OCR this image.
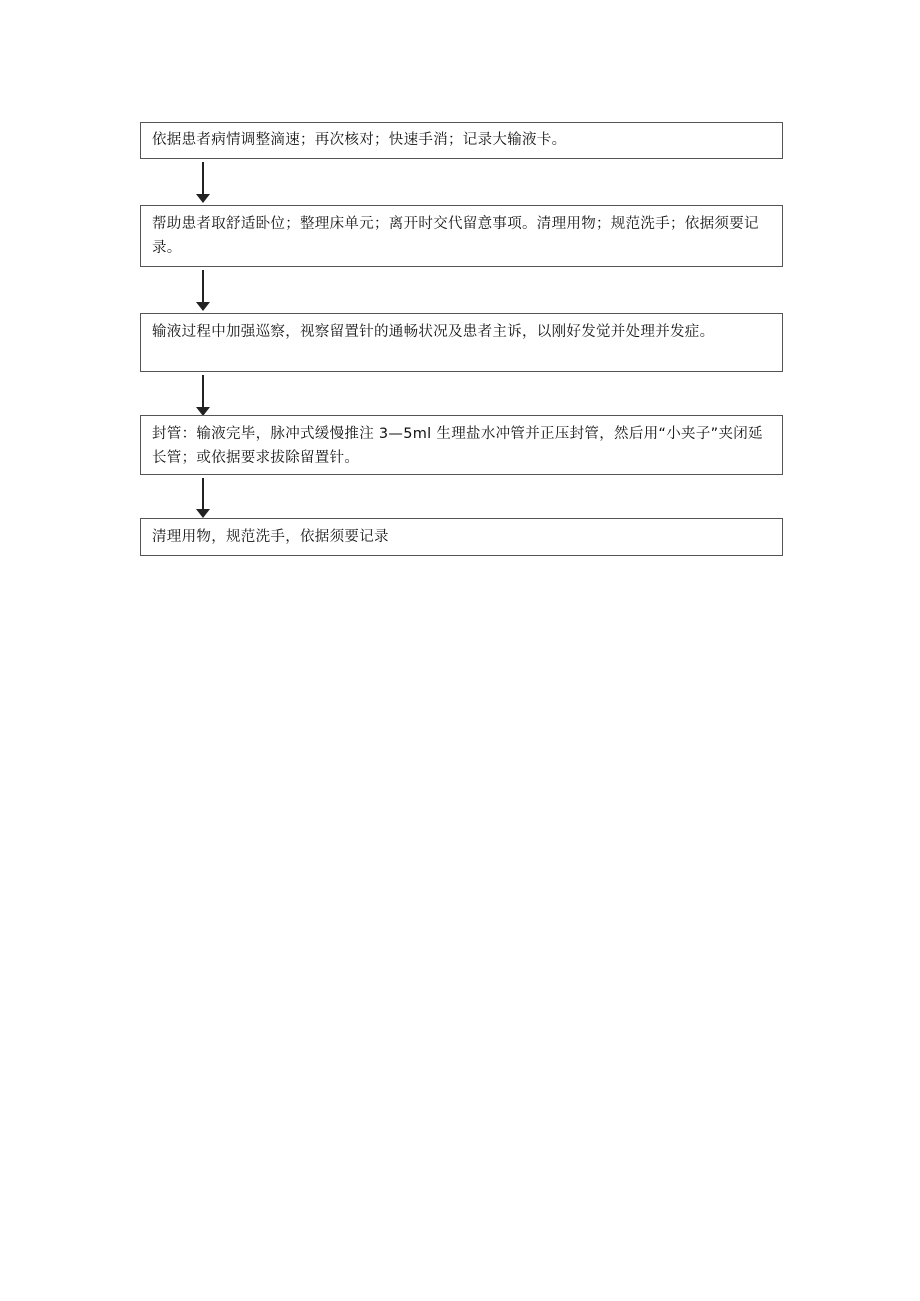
依据患者病情调整滴速；再次核对；快速手消；记录大输液卡。
帮助患者取舒适卧位；整理床单元；离开时交代留意事项。清理用物；规范洗手；依据须要记录。
输液过程中加强巡察，视察留置针的通畅状况及患者主诉，以刚好发觉并处理并发症。
封管：输液完毕，脉冲式缓慢推注 3—5ml 生理盐水冲管并正压封管，然后用“小夹子”夹闭延长管；或依据要求拔除留置针。
清理用物，规范洗手，依据须要记录
